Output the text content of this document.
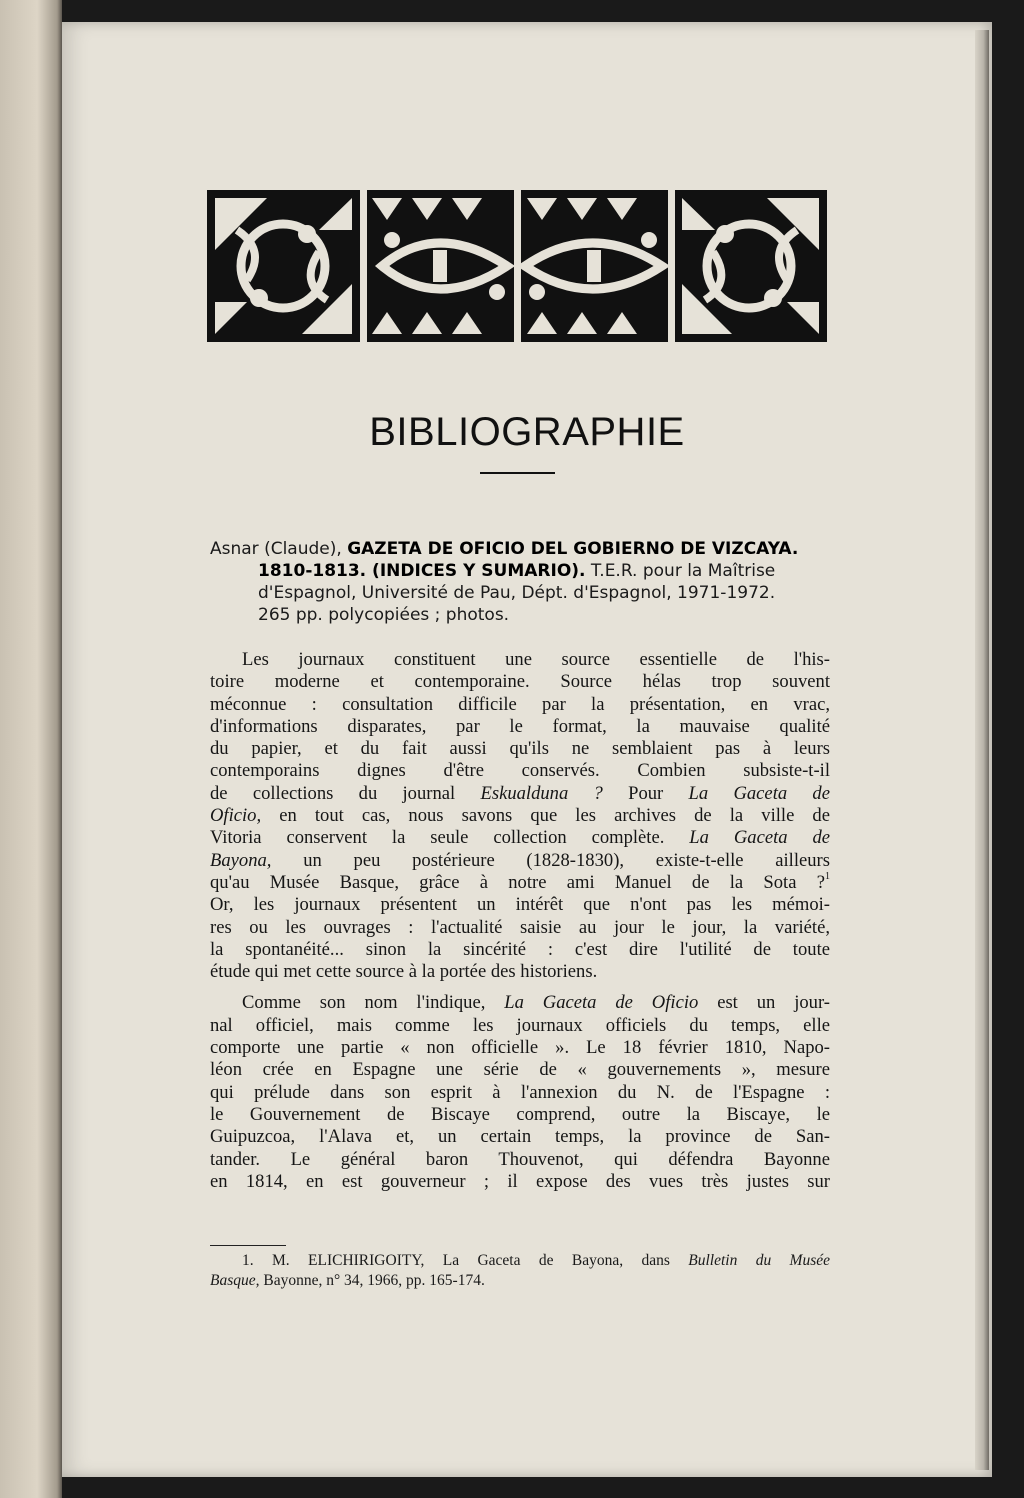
BIBLIOGRAPHIE
Asnar (Claude), GAZETA DE OFICIO DEL GOBIERNO DE VIZCAYA.
1810-1813. (INDICES Y SUMARIO). T.E.R. pour la Maîtrise
d'Espagnol, Université de Pau, Dépt. d'Espagnol, 1971-1972.
265 pp. polycopiées ; photos.

Les journaux constituent une source essentielle de l'his-
toire moderne et contemporaine. Source hélas trop souvent
méconnue : consultation difficile par la présentation, en vrac,
d'informations disparates, par le format, la mauvaise qualité
du papier, et du fait aussi qu'ils ne semblaient pas à leurs
contemporains dignes d'être conservés. Combien subsiste-t-il
de collections du journal Eskualduna ? Pour La Gaceta de
Oficio, en tout cas, nous savons que les archives de la ville de
Vitoria conservent la seule collection complète. La Gaceta de
Bayona, un peu postérieure (1828-1830), existe-t-elle ailleurs
qu'au Musée Basque, grâce à notre ami Manuel de la Sota ?$^1$
Or, les journaux présentent un intérêt que n'ont pas les mémoi-
res ou les ouvrages : l'actualité saisie au jour le jour, la variété,
la spontanéité... sinon la sincérité : c'est dire l'utilité de toute
étude qui met cette source à la portée des historiens.

Comme son nom l'indique, La Gaceta de Oficio est un jour-
nal officiel, mais comme les journaux officiels du temps, elle
comporte une partie « non officielle ». Le 18 février 1810, Napo-
léon crée en Espagne une série de « gouvernements », mesure
qui prélude dans son esprit à l'annexion du N. de l'Espagne :
le Gouvernement de Biscaye comprend, outre la Biscaye, le
Guipuzcoa, l'Alava et, un certain temps, la province de San-
tander. Le général baron Thouvenot, qui défendra Bayonne
en 1814, en est gouverneur ; il expose des vues très justes sur

1. M. ELICHIRIGOITY, La Gaceta de Bayona, dans Bulletin du Musée
Basque, Bayonne, n° 34, 1966, pp. 165-174.
